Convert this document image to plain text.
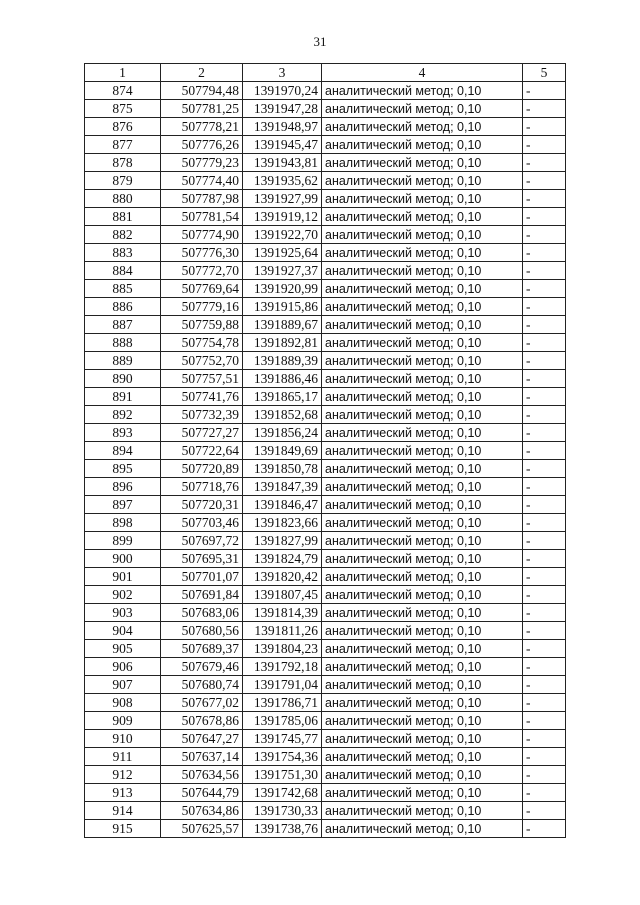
31
1	2	3	4	5
874	507794,48	1391970,24	аналитический метод; 0,10	-
875	507781,25	1391947,28	аналитический метод; 0,10	-
876	507778,21	1391948,97	аналитический метод; 0,10	-
877	507776,26	1391945,47	аналитический метод; 0,10	-
878	507779,23	1391943,81	аналитический метод; 0,10	-
879	507774,40	1391935,62	аналитический метод; 0,10	-
880	507787,98	1391927,99	аналитический метод; 0,10	-
881	507781,54	1391919,12	аналитический метод; 0,10	-
882	507774,90	1391922,70	аналитический метод; 0,10	-
883	507776,30	1391925,64	аналитический метод; 0,10	-
884	507772,70	1391927,37	аналитический метод; 0,10	-
885	507769,64	1391920,99	аналитический метод; 0,10	-
886	507779,16	1391915,86	аналитический метод; 0,10	-
887	507759,88	1391889,67	аналитический метод; 0,10	-
888	507754,78	1391892,81	аналитический метод; 0,10	-
889	507752,70	1391889,39	аналитический метод; 0,10	-
890	507757,51	1391886,46	аналитический метод; 0,10	-
891	507741,76	1391865,17	аналитический метод; 0,10	-
892	507732,39	1391852,68	аналитический метод; 0,10	-
893	507727,27	1391856,24	аналитический метод; 0,10	-
894	507722,64	1391849,69	аналитический метод; 0,10	-
895	507720,89	1391850,78	аналитический метод; 0,10	-
896	507718,76	1391847,39	аналитический метод; 0,10	-
897	507720,31	1391846,47	аналитический метод; 0,10	-
898	507703,46	1391823,66	аналитический метод; 0,10	-
899	507697,72	1391827,99	аналитический метод; 0,10	-
900	507695,31	1391824,79	аналитический метод; 0,10	-
901	507701,07	1391820,42	аналитический метод; 0,10	-
902	507691,84	1391807,45	аналитический метод; 0,10	-
903	507683,06	1391814,39	аналитический метод; 0,10	-
904	507680,56	1391811,26	аналитический метод; 0,10	-
905	507689,37	1391804,23	аналитический метод; 0,10	-
906	507679,46	1391792,18	аналитический метод; 0,10	-
907	507680,74	1391791,04	аналитический метод; 0,10	-
908	507677,02	1391786,71	аналитический метод; 0,10	-
909	507678,86	1391785,06	аналитический метод; 0,10	-
910	507647,27	1391745,77	аналитический метод; 0,10	-
911	507637,14	1391754,36	аналитический метод; 0,10	-
912	507634,56	1391751,30	аналитический метод; 0,10	-
913	507644,79	1391742,68	аналитический метод; 0,10	-
914	507634,86	1391730,33	аналитический метод; 0,10	-
915	507625,57	1391738,76	аналитический метод; 0,10	-
